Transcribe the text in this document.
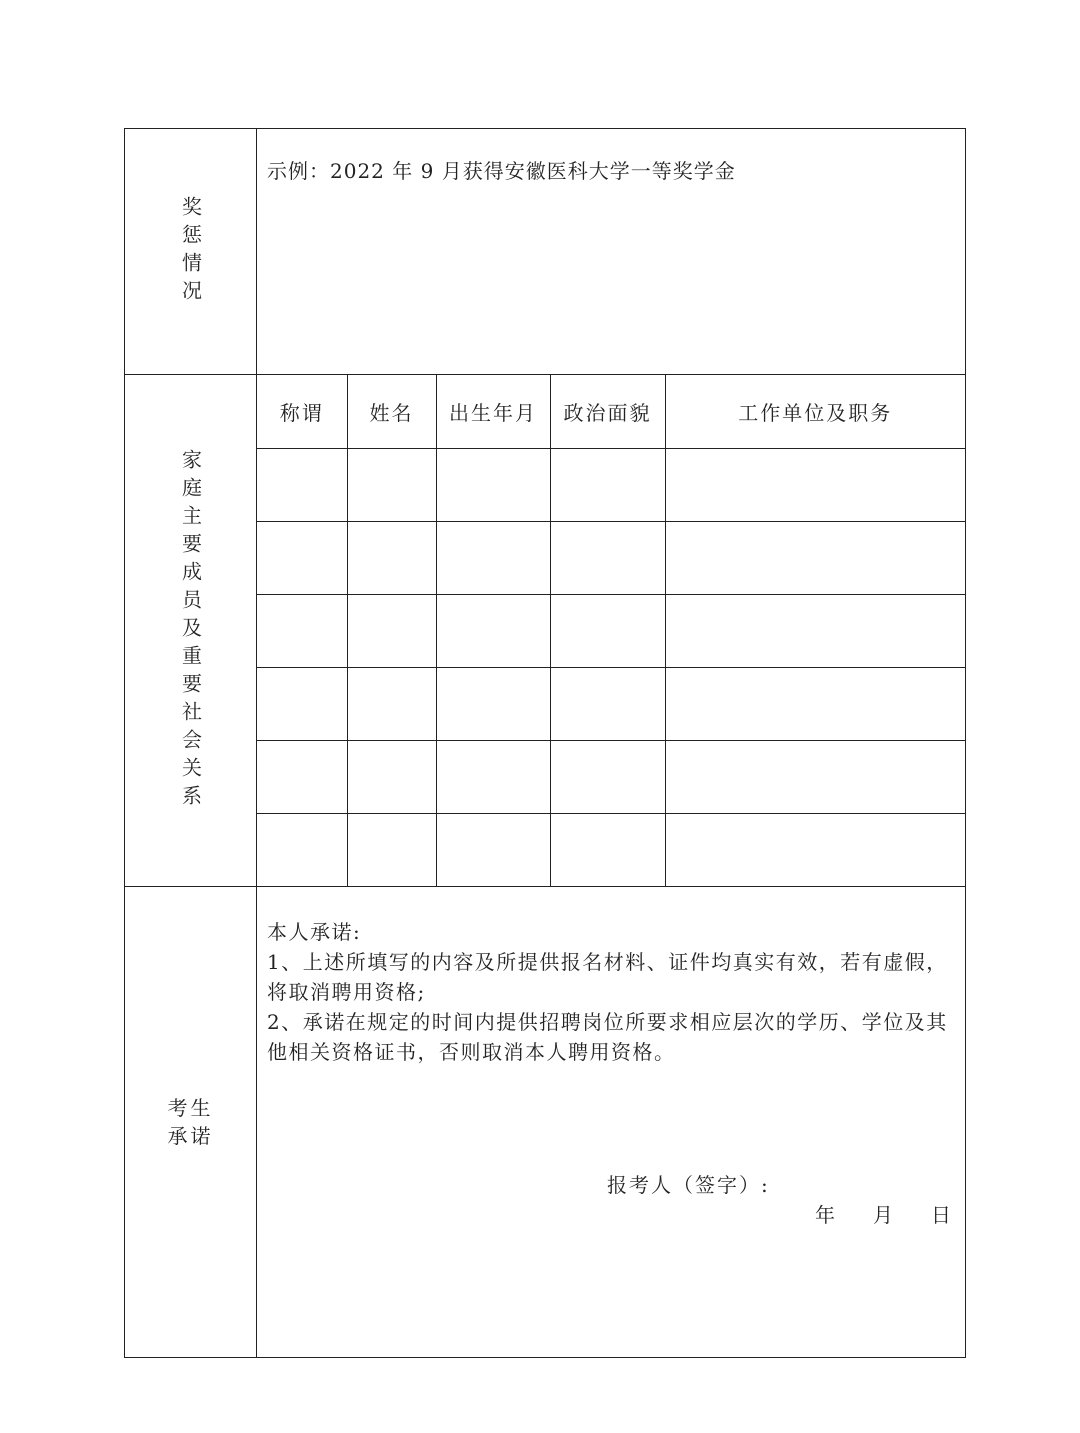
奖惩情况
示例：2022 年 9 月获得安徽医科大学一等奖学金
家庭主要成员及重要社会关系
称谓	姓名	出生年月	政治面貌	工作单位及职务

考生承诺

本人承诺:

1、上述所填写的内容及所提供报名材料、证件均真实有效，若有虚假，将取消聘用资格;

2、承诺在规定的时间内提供招聘岗位所要求相应层次的学历、学位及其他相关资格证书，否则取消本人聘用资格。

报考人（签字）:
年 月 日
